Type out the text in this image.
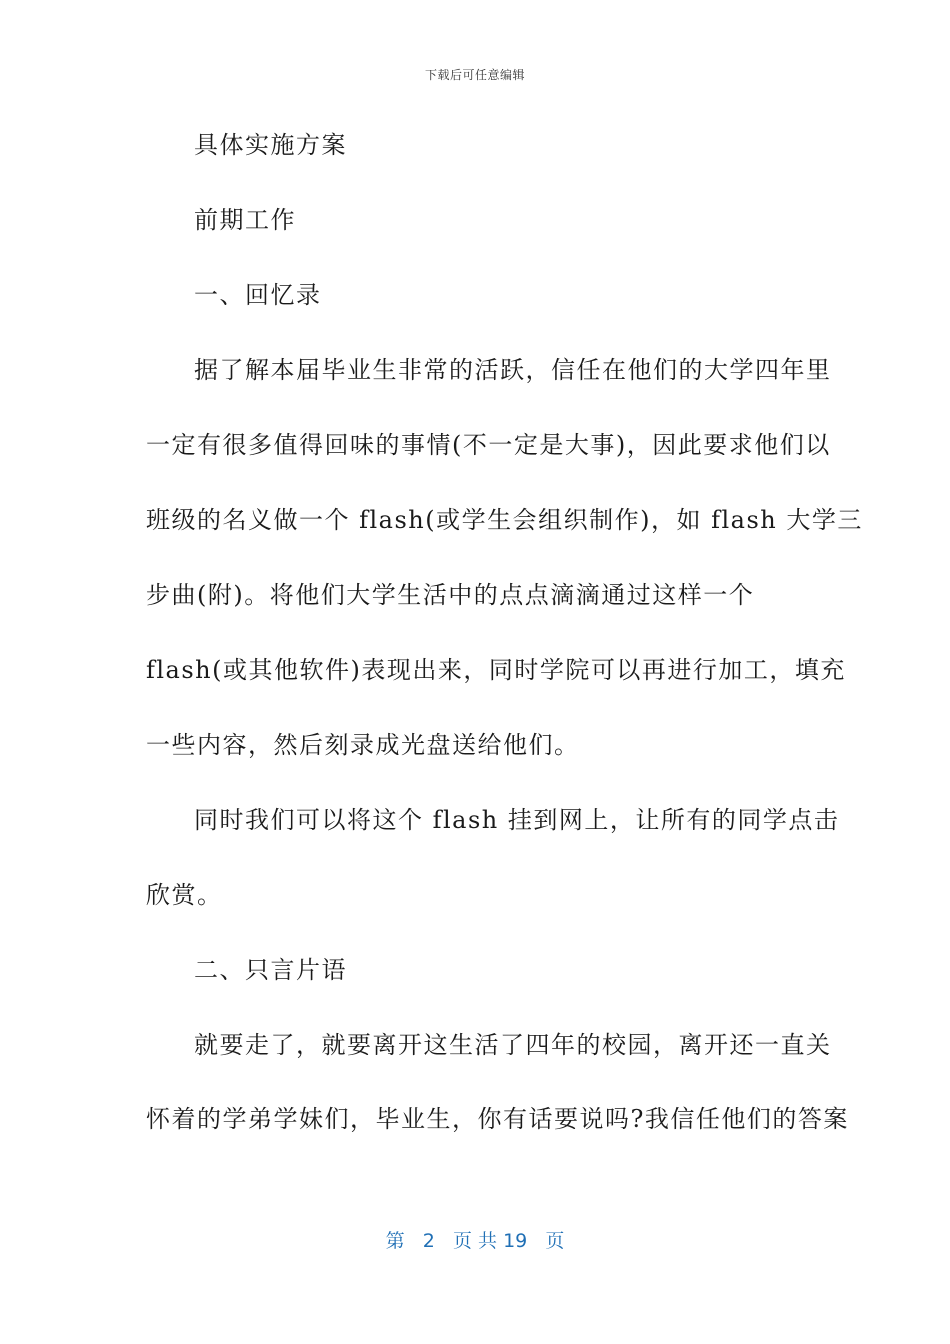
下载后可任意编辑
具体实施方案
前期工作
一、回忆录
据了解本届毕业生非常的活跃，信任在他们的大学四年里
一定有很多值得回味的事情(不一定是大事)，因此要求他们以
班级的名义做一个 flash(或学生会组织制作)，如 flash 大学三
步曲(附)。将他们大学生活中的点点滴滴通过这样一个
flash(或其他软件)表现出来，同时学院可以再进行加工，填充
一些内容，然后刻录成光盘送给他们。
同时我们可以将这个 flash 挂到网上，让所有的同学点击
欣赏。
二、只言片语
就要走了，就要离开这生活了四年的校园，离开还一直关
怀着的学弟学妹们，毕业生，你有话要说吗?我信任他们的答案
第 2 页 共 19 页
